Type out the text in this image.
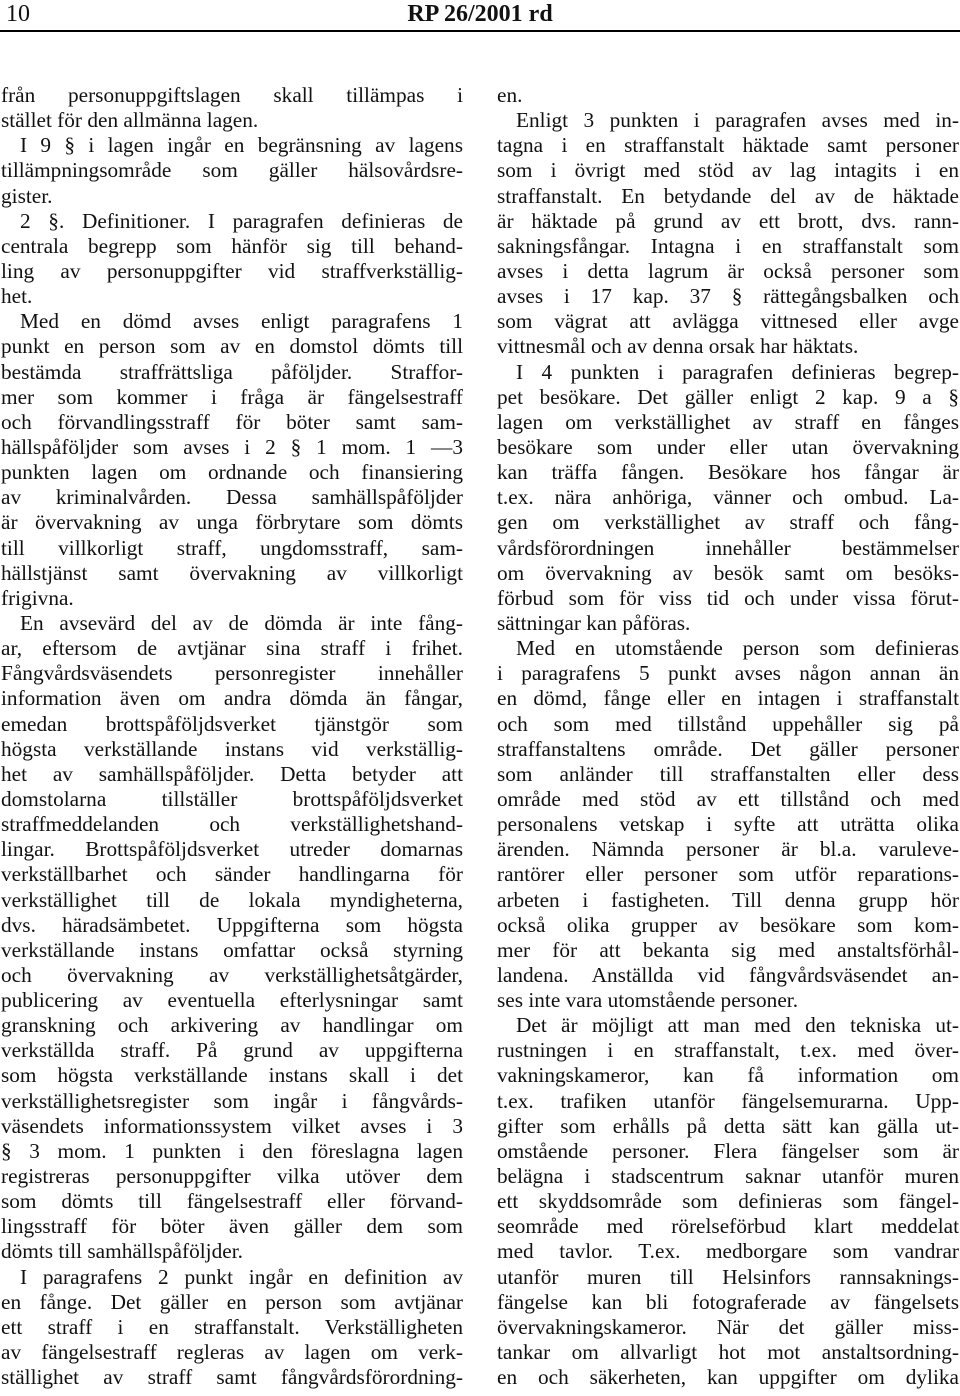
10	RP 26/2001 rd
från personuppgiftslagen skall tillämpas i
stället för den allmänna lagen.
I 9 § i lagen ingår en begränsning av lagens
tillämpningsområde som gäller hälsovårdsre-
gister.
2 §. Definitioner. I paragrafen definieras de
centrala begrepp som hänför sig till behand-
ling av personuppgifter vid straffverkställig-
het.
Med en dömd avses enligt paragrafens 1
punkt en person som av en domstol dömts till
bestämda straffrättsliga påföljder. Straffor-
mer som kommer i fråga är fängelsestraff
och förvandlingsstraff för böter samt sam-
hällspåföljder som avses i 2 § 1 mom. 1 —3
punkten lagen om ordnande och finansiering
av kriminalvården. Dessa samhällspåföljder
är övervakning av unga förbrytare som dömts
till villkorligt straff, ungdomsstraff, sam-
hällstjänst samt övervakning av villkorligt
frigivna.
En avsevärd del av de dömda är inte fång-
ar, eftersom de avtjänar sina straff i frihet.
Fångvårdsväsendets personregister innehåller
information även om andra dömda än fångar,
emedan brottspåföljdsverket tjänstgör som
högsta verkställande instans vid verkställig-
het av samhällspåföljder. Detta betyder att
domstolarna tillställer brottspåföljdsverket
straffmeddelanden och verkställighetshand-
lingar. Brottspåföljdsverket utreder domarnas
verkställbarhet och sänder handlingarna för
verkställighet till de lokala myndigheterna,
dvs. häradsämbetet. Uppgifterna som högsta
verkställande instans omfattar också styrning
och övervakning av verkställighetsåtgärder,
publicering av eventuella efterlysningar samt
granskning och arkivering av handlingar om
verkställda straff. På grund av uppgifterna
som högsta verkställande instans skall i det
verkställighetsregister som ingår i fångvårds-
väsendets informationssystem vilket avses i 3
§ 3 mom. 1 punkten i den föreslagna lagen
registreras personuppgifter vilka utöver dem
som dömts till fängelsestraff eller förvand-
lingsstraff för böter även gäller dem som
dömts till samhällspåföljder.
I paragrafens 2 punkt ingår en definition av
en fånge. Det gäller en person som avtjänar
ett straff i en straffanstalt. Verkställigheten
av fängelsestraff regleras av lagen om verk-
ställighet av straff samt fångvårdsförordning-
en.
Enligt 3 punkten i paragrafen avses med in-
tagna i en straffanstalt häktade samt personer
som i övrigt med stöd av lag intagits i en
straffanstalt. En betydande del av de häktade
är häktade på grund av ett brott, dvs. rann-
sakningsfångar. Intagna i en straffanstalt som
avses i detta lagrum är också personer som
avses i 17 kap. 37 § rättegångsbalken och
som vägrat att avlägga vittnesed eller avge
vittnesmål och av denna orsak har häktats.
I 4 punkten i paragrafen definieras begrep-
pet besökare. Det gäller enligt 2 kap. 9 a §
lagen om verkställighet av straff en fånges
besökare som under eller utan övervakning
kan träffa fången. Besökare hos fångar är
t.ex. nära anhöriga, vänner och ombud. La-
gen om verkställighet av straff och fång-
vårdsförordningen innehåller bestämmelser
om övervakning av besök samt om besöks-
förbud som för viss tid och under vissa förut-
sättningar kan påföras.
Med en utomstående person som definieras
i paragrafens 5 punkt avses någon annan än
en dömd, fånge eller en intagen i straffanstalt
och som med tillstånd uppehåller sig på
straffanstaltens område. Det gäller personer
som anländer till straffanstalten eller dess
område med stöd av ett tillstånd och med
personalens vetskap i syfte att uträtta olika
ärenden. Nämnda personer är bl.a. varuleve-
rantörer eller personer som utför reparations-
arbeten i fastigheten. Till denna grupp hör
också olika grupper av besökare som kom-
mer för att bekanta sig med anstaltsförhål-
landena. Anställda vid fångvårdsväsendet an-
ses inte vara utomstående personer.
Det är möjligt att man med den tekniska ut-
rustningen i en straffanstalt, t.ex. med över-
vakningskameror, kan få information om
t.ex. trafiken utanför fängelsemurarna. Upp-
gifter som erhålls på detta sätt kan gälla ut-
omstående personer. Flera fängelser som är
belägna i stadscentrum saknar utanför muren
ett skyddsområde som definieras som fängel-
seområde med rörelseförbud klart meddelat
med tavlor. T.ex. medborgare som vandrar
utanför muren till Helsinfors rannsaknings-
fängelse kan bli fotograferade av fängelsets
övervakningskameror. När det gäller miss-
tankar om allvarligt hot mot anstaltsordning-
en och säkerheten, kan uppgifter om dylika
